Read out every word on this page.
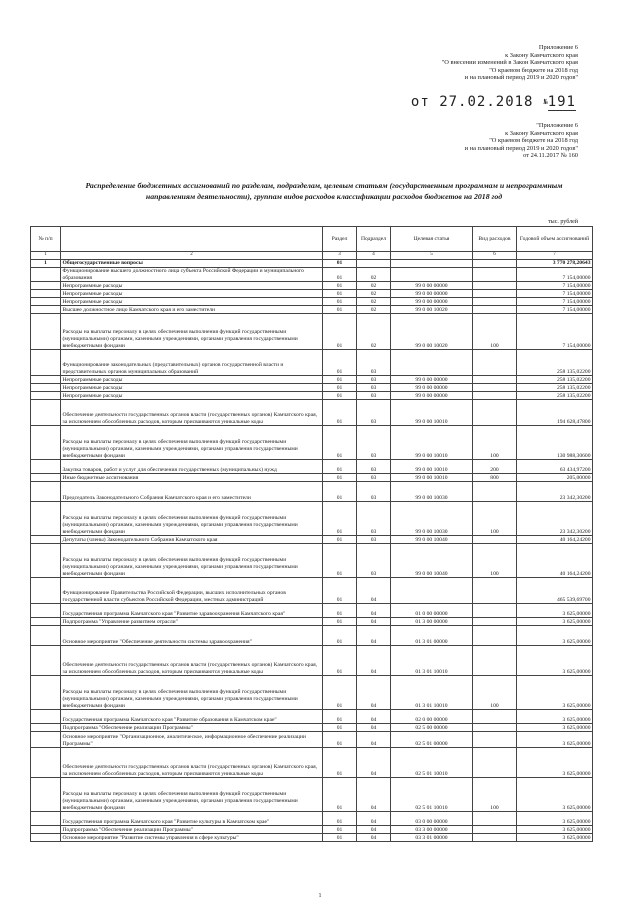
Приложение 6
к Закону Камчатского края
"О внесении изменений в Закон Камчатского края
"О краевом бюджете на 2018 год
и на плановый период 2019 и 2020 годов"
от 27.02.2018 №191
"Приложение 6
к Закону Камчатского края
"О краевом бюджете на 2018 год
и на плановый период 2019 и 2020 годов"
от 24.11.2017 № 160
Распределение бюджетных ассигнований по разделам, подразделам, целевым статьям (государственным программам и непрограммным направлениям деятельности), группам видов расходов классификации расходов бюджетов на 2018 год
тыс. рублей
№ п/п		Раздел	Подраздел	Целевая статья	Вид расходов	Годовой объем ассигнований
1	2	3	4	5	6	7
1	Общегосударственные вопросы	01				3 770 278,20643
	Функционирование высшего должностного лица субъекта Российской Федерации и муниципального образования	01	02			7 154,00000
	Непрограммные расходы	01	02	99 0 00 00000		7 154,00000
	Непрограммные расходы	01	02	99 0 00 00000		7 154,00000
	Непрограммные расходы	01	02	99 0 00 00000		7 154,00000
	Высшее должностное лицо Камчатского края и его заместители	01	02	99 0 00 10020		7 154,00000
	Расходы на выплаты персоналу в целях обеспечения выполнения функций государственными (муниципальными) органами, казенными учреждениями, органами управления государственными внебюджетными фондами	01	02	99 0 00 10020	100	7 154,00000
	Функционирование законодательных (представительных) органов государственной власти и представительных органов муниципальных образований	01	03			258 135,02200
	Непрограммные расходы	01	03	99 0 00 00000		258 135,02200
	Непрограммные расходы	01	03	99 0 00 00000		258 135,02200
	Непрограммные расходы	01	03	99 0 00 00000		258 135,02200
	Обеспечение деятельности государственных органов власти (государственных органов) Камчатского края, за исключением обособленных расходов, которым присваиваются уникальные коды	01	03	99 0 00 10010		194 628,47800
	Расходы на выплаты персоналу в целях обеспечения выполнения функций государственными (муниципальными) органами, казенными учреждениями, органами управления государственными внебюджетными фондами	01	03	99 0 00 10010	100	130 988,30600
	Закупка товаров, работ и услуг для обеспечения государственных (муниципальных) нужд	01	03	99 0 00 10010	200	63 434,97200
	Иные бюджетные ассигнования	01	03	99 0 00 10010	800	205,00000
	Председатель Законодательного Собрания Камчатского края и его заместители	01	03	99 0 00 10030		23 342,30200
	Расходы на выплаты персоналу в целях обеспечения выполнения функций государственными (муниципальными) органами, казенными учреждениями, органами управления государственными внебюджетными фондами	01	03	99 0 00 10030	100	23 342,30200
	Депутаты (члены) Законодательного Собрания Камчатского края	01	03	99 0 00 10040		40 164,24200
	Расходы на выплаты персоналу в целях обеспечения выполнения функций государственными (муниципальными) органами, казенными учреждениями, органами управления государственными внебюджетными фондами	01	03	99 0 00 10040	100	40 164,24200
	Функционирование Правительства Российской Федерации, высших исполнительных органов государственной власти субъектов Российской Федерации, местных администраций	01	04			465 539,69700
	Государственная программа Камчатского края "Развитие здравоохранения Камчатского края"	01	04	01 0 00 00000		3 625,00000
	Подпрограмма "Управление развитием отрасли"	01	04	01 3 00 00000		3 625,00000
	Основное мероприятие "Обеспечение деятельности системы здравоохранения"	01	04	01 3 01 00000		3 625,00000
	Обеспечение деятельности государственных органов власти (государственных органов) Камчатского края, за исключением обособленных расходов, которым присваиваются уникальные коды	01	04	01 3 01 10010		3 625,00000
	Расходы на выплаты персоналу в целях обеспечения выполнения функций государственными (муниципальными) органами, казенными учреждениями, органами управления государственными внебюджетными фондами	01	04	01 3 01 10010	100	3 625,00000
	Государственная программа Камчатского края "Развитие образования в Камчатском крае"	01	04	02 0 00 00000		3 625,00000
	Подпрограмма "Обеспечение реализации Программы"	01	04	02 5 00 00000		3 625,00000
	Основное мероприятие "Организационное, аналитическое, информационное обеспечение реализации Программы"	01	04	02 5 01 00000		3 625,00000
	Обеспечение деятельности государственных органов власти (государственных органов) Камчатского края, за исключением обособленных расходов, которым присваиваются уникальные коды	01	04	02 5 01 10010		3 625,00000
	Расходы на выплаты персоналу в целях обеспечения выполнения функций государственными (муниципальными) органами, казенными учреждениями, органами управления государственными внебюджетными фондами	01	04	02 5 01 10010	100	3 625,00000
	Государственная программа Камчатского края "Развитие культуры в Камчатском крае"	01	04	03 0 00 00000		3 625,00000
	Подпрограмма "Обеспечение реализации Программы"	01	04	03 3 00 00000		3 625,00000
	Основное мероприятие "Развитие системы управления в сфере культуры"	01	04	03 3 01 00000		3 625,00000
1
